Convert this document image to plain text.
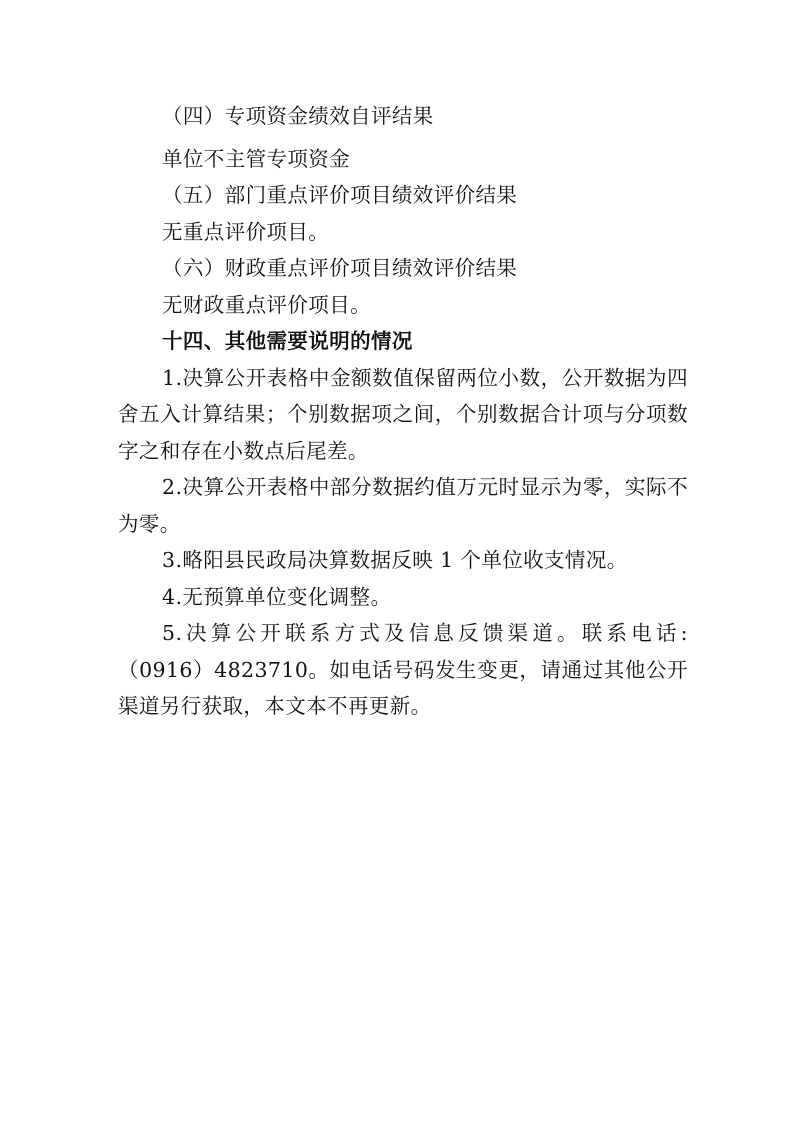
（四）专项资金绩效自评结果
单位不主管专项资金
（五）部门重点评价项目绩效评价结果
无重点评价项目。
（六）财政重点评价项目绩效评价结果
无财政重点评价项目。
十四、其他需要说明的情况
1.决算公开表格中金额数值保留两位小数，公开数据为四舍五入计算结果；个别数据项之间，个别数据合计项与分项数字之和存在小数点后尾差。
2.决算公开表格中部分数据约值万元时显示为零，实际不为零。
3.略阳县民政局决算数据反映 1 个单位收支情况。
4.无预算单位变化调整。
5.决算公开联系方式及信息反馈渠道。联系电话:（0916）4823710。如电话号码发生变更，请通过其他公开渠道另行获取，本文本不再更新。
